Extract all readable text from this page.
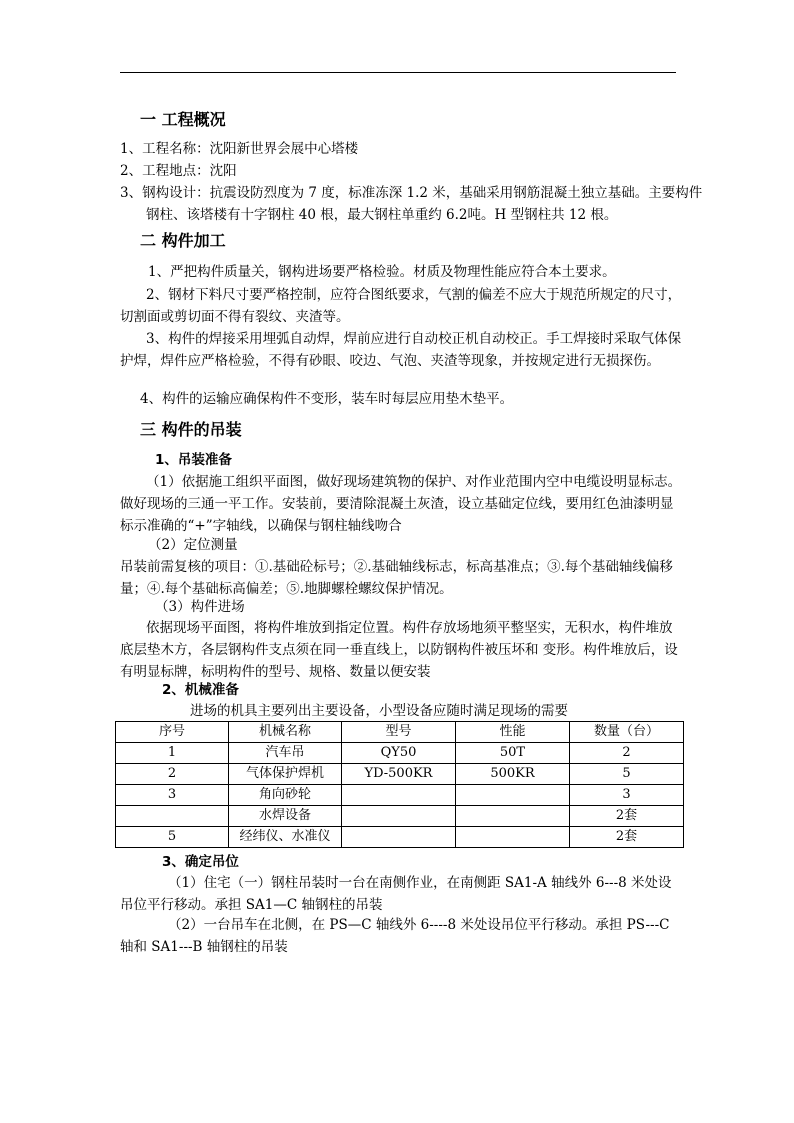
一 工程概况
1、工程名称：沈阳新世界会展中心塔楼
2、工程地点：沈阳
3、钢构设计：抗震设防烈度为 7 度，标准冻深 1.2 米，基础采用钢筋混凝土独立基础。主要构件钢柱、该塔楼有十字钢柱 40 根，最大钢柱单重约 6.2吨。H 型钢柱共 12 根。
二 构件加工
1、严把构件质量关，钢构进场要严格检验。材质及物理性能应符合本土要求。
2、钢材下料尺寸要严格控制，应符合图纸要求，气割的偏差不应大于规范所规定的尺寸，切割面或剪切面不得有裂纹、夹渣等。
3、构件的焊接采用埋弧自动焊，焊前应进行自动校正机自动校正。手工焊接时采取气体保护焊，焊件应严格检验，不得有砂眼、咬边、气泡、夹渣等现象，并按规定进行无损探伤。
4、构件的运输应确保构件不变形，装车时每层应用垫木垫平。
三 构件的吊装
1、吊装准备
（1）依据施工组织平面图，做好现场建筑物的保护、对作业范围内空中电缆设明显标志。做好现场的三通一平工作。安装前，要清除混凝土灰渣，设立基础定位线，要用红色油漆明显标示准确的“+”字轴线，以确保与钢柱轴线吻合
（2）定位测量
吊装前需复核的项目：①.基础砼标号；②.基础轴线标志，标高基准点；③.每个基础轴线偏移量；④.每个基础标高偏差；⑤.地脚螺栓螺纹保护情况。
（3）构件进场
依据现场平面图，将构件堆放到指定位置。构件存放场地须平整坚实，无积水，构件堆放底层垫木方，各层钢构件支点须在同一垂直线上，以防钢构件被压坏和 变形。构件堆放后，设有明显标牌，标明构件的型号、规格、数量以便安装
2、机械准备
进场的机具主要列出主要设备，小型设备应随时满足现场的需要
序号	机械名称	型号	性能	数量（台）
1	汽车吊	QY50	50T	2
2	气体保护焊机	YD-500KR	500KR	5
3	角向砂轮			3
	水焊设备			2套
5	经纬仪、水准仪			2套
3、确定吊位
（1）住宅（一）钢柱吊装时一台在南侧作业，在南侧距 SA1-A 轴线外 6---8 米处设吊位平行移动。承担 SA1—C 轴钢柱的吊装
（2）一台吊车在北侧，在 PS—C 轴线外 6----8 米处设吊位平行移动。承担 PS---C 轴和 SA1---B 轴钢柱的吊装
